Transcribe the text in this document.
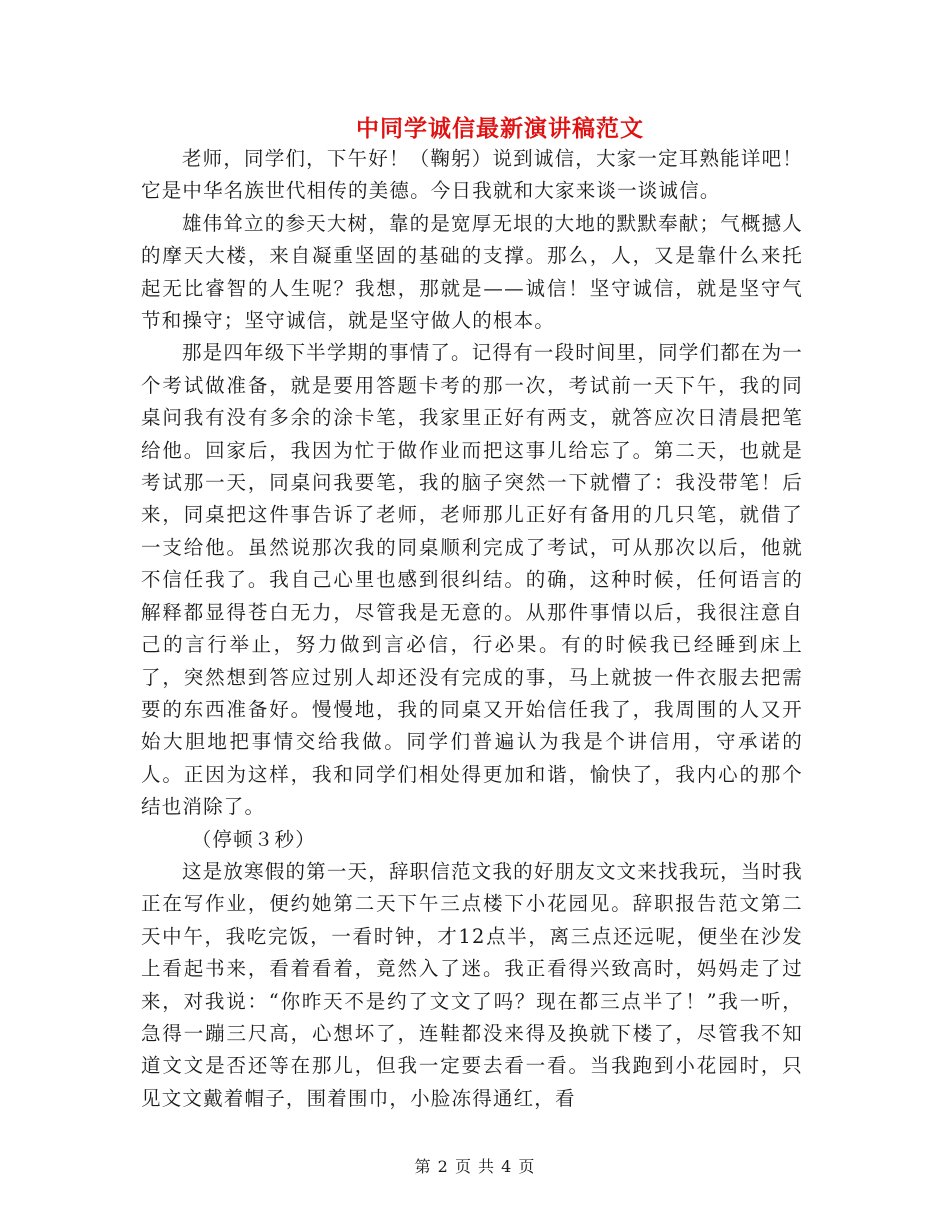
中同学诚信最新演讲稿范文

老师，同学们，下午好！（鞠躬）说到诚信，大家一定耳熟能详吧！它是中华名族世代相传的美德。今日我就和大家来谈一谈诚信。

雄伟耸立的参天大树，靠的是宽厚无垠的大地的默默奉献；气概撼人的摩天大楼，来自凝重坚固的基础的支撑。那么，人，又是靠什么来托起无比睿智的人生呢？我想，那就是——诚信！坚守诚信，就是坚守气节和操守；坚守诚信，就是坚守做人的根本。

那是四年级下半学期的事情了。记得有一段时间里，同学们都在为一个考试做准备，就是要用答题卡考的那一次，考试前一天下午，我的同桌问我有没有多余的涂卡笔，我家里正好有两支，就答应次日清晨把笔给他。回家后，我因为忙于做作业而把这事儿给忘了。第二天，也就是考试那一天，同桌问我要笔，我的脑子突然一下就懵了：我没带笔！后来，同桌把这件事告诉了老师，老师那儿正好有备用的几只笔，就借了一支给他。虽然说那次我的同桌顺利完成了考试，可从那次以后，他就不信任我了。我自己心里也感到很纠结。的确，这种时候，任何语言的解释都显得苍白无力，尽管我是无意的。从那件事情以后，我很注意自己的言行举止，努力做到言必信，行必果。有的时候我已经睡到床上了，突然想到答应过别人却还没有完成的事，马上就披一件衣服去把需要的东西准备好。慢慢地，我的同桌又开始信任我了，我周围的人又开始大胆地把事情交给我做。同学们普遍认为我是个讲信用，守承诺的人。正因为这样，我和同学们相处得更加和谐，愉快了，我内心的那个结也消除了。

（停顿３秒）

这是放寒假的第一天，辞职信范文我的好朋友文文来找我玩，当时我正在写作业，便约她第二天下午三点楼下小花园见。辞职报告范文第二天中午，我吃完饭，一看时钟，才12点半，离三点还远呢，便坐在沙发上看起书来，看着看着，竟然入了迷。我正看得兴致高时，妈妈走了过来，对我说：“你昨天不是约了文文了吗？现在都三点半了！”我一听，急得一蹦三尺高，心想坏了，连鞋都没来得及换就下楼了，尽管我不知道文文是否还等在那儿，但我一定要去看一看。当我跑到小花园时，只见文文戴着帽子，围着围巾，小脸冻得通红，看

第 2 页 共 4 页
